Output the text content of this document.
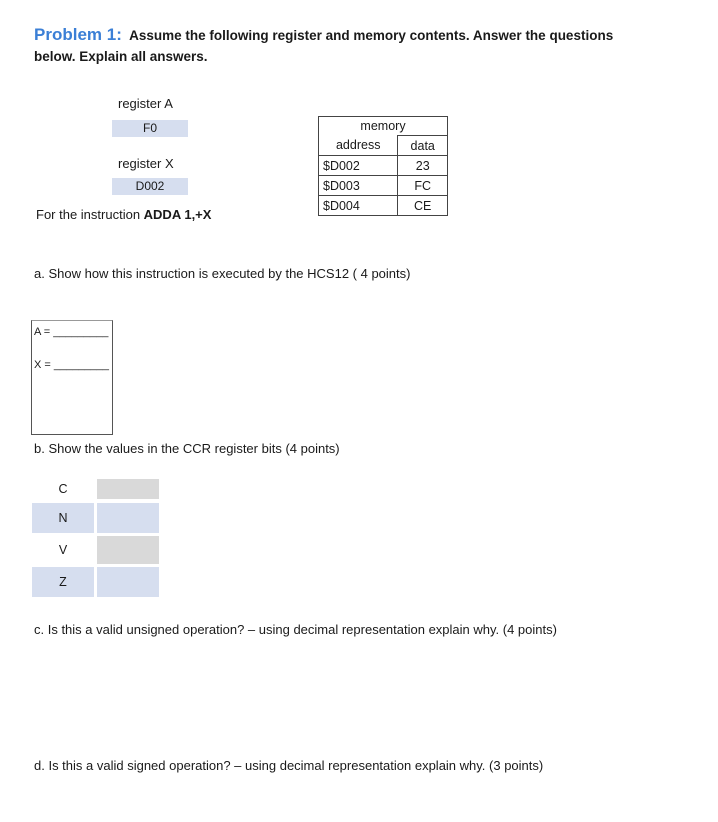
Problem 1: Assume the following register and memory contents. Answer the questions
below. Explain all answers.
register A
F0
register X
D002
For the instruction ADDA 1,+X
memory	
address	data
$D002	23
$D003	FC
$D004	CE
a. Show how this instruction is executed by the HCS12 ( 4 points)
A = _________
X = _________
b. Show the values in the CCR register bits (4 points)
C
N
V
Z
c. Is this a valid unsigned operation? – using decimal representation explain why. (4 points)
d. Is this a valid signed operation? – using decimal representation explain why. (3 points)
